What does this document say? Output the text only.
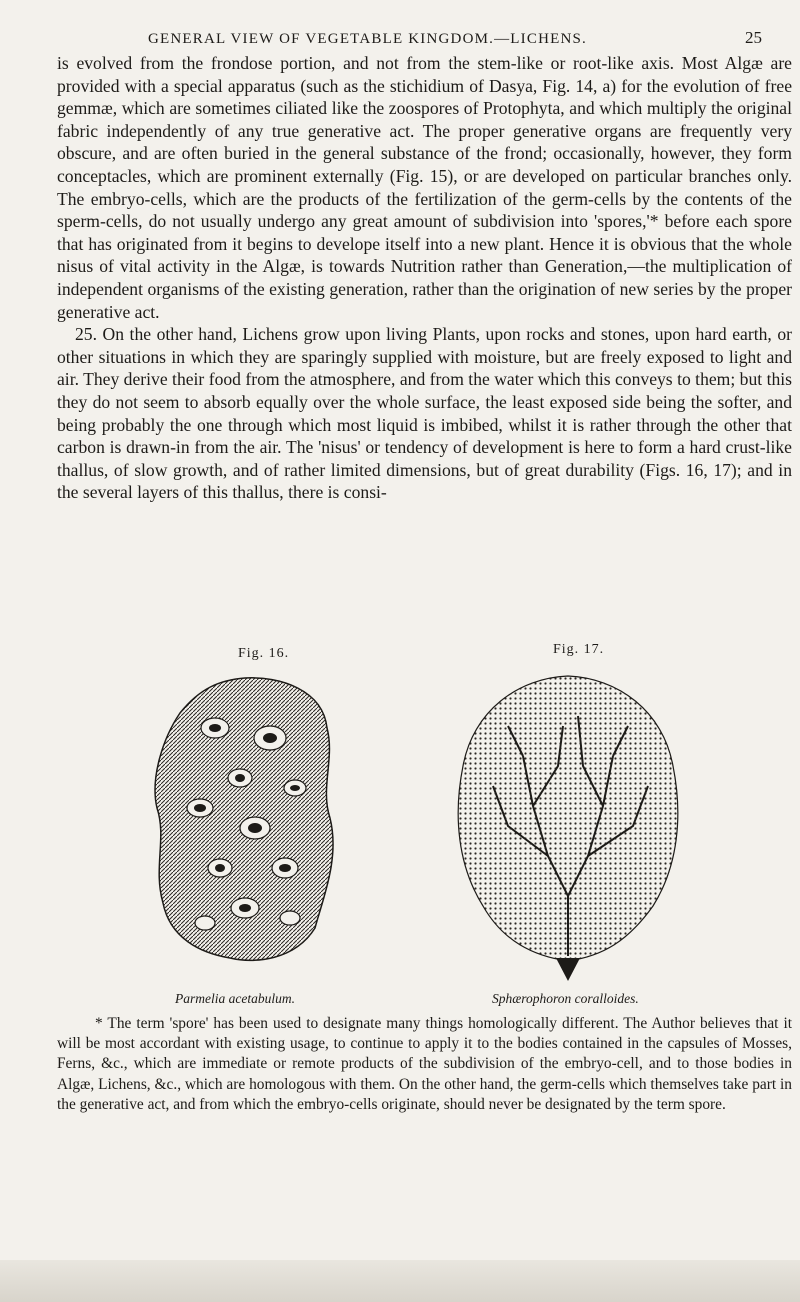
GENERAL VIEW OF VEGETABLE KINGDOM.—LICHENS.	25

is evolved from the frondose portion, and not from the stem-like or root-like axis. Most Algæ are provided with a special apparatus (such as the stichidium of Dasya, Fig. 14, a) for the evolution of free gemmæ, which are sometimes ciliated like the zoospores of Protophyta, and which multiply the original fabric independently of any true generative act. The proper generative organs are frequently very obscure, and are often buried in the general substance of the frond; occasionally, however, they form conceptacles, which are prominent externally (Fig. 15), or are developed on particular branches only. The embryo-cells, which are the products of the fertilization of the germ-cells by the contents of the sperm-cells, do not usually undergo any great amount of subdivision into 'spores,'* before each spore that has originated from it begins to develope itself into a new plant. Hence it is obvious that the whole nisus of vital activity in the Algæ, is towards Nutrition rather than Generation,—the multiplication of independent organisms of the existing generation, rather than the origination of new series by the proper generative act.

25. On the other hand, Lichens grow upon living Plants, upon rocks and stones, upon hard earth, or other situations in which they are sparingly supplied with moisture, but are freely exposed to light and air. They derive their food from the atmosphere, and from the water which this conveys to them; but this they do not seem to absorb equally over the whole surface, the least exposed side being the softer, and being probably the one through which most liquid is imbibed, whilst it is rather through the other that carbon is drawn-in from the air. The 'nisus' or tendency of development is here to form a hard crust-like thallus, of slow growth, and of rather limited dimensions, but of great durability (Figs. 16, 17); and in the several layers of this thallus, there is consi-

Fig. 16.	Fig. 17.
Parmelia acetabulum.	Sphærophoron coralloides.

* The term 'spore' has been used to designate many things homologically different. The Author believes that it will be most accordant with existing usage, to continue to apply it to the bodies contained in the capsules of Mosses, Ferns, &c., which are immediate or remote products of the subdivision of the embryo-cell, and to those bodies in Algæ, Lichens, &c., which are homologous with them. On the other hand, the germ-cells which themselves take part in the generative act, and from which the embryo-cells originate, should never be designated by the term spore.
